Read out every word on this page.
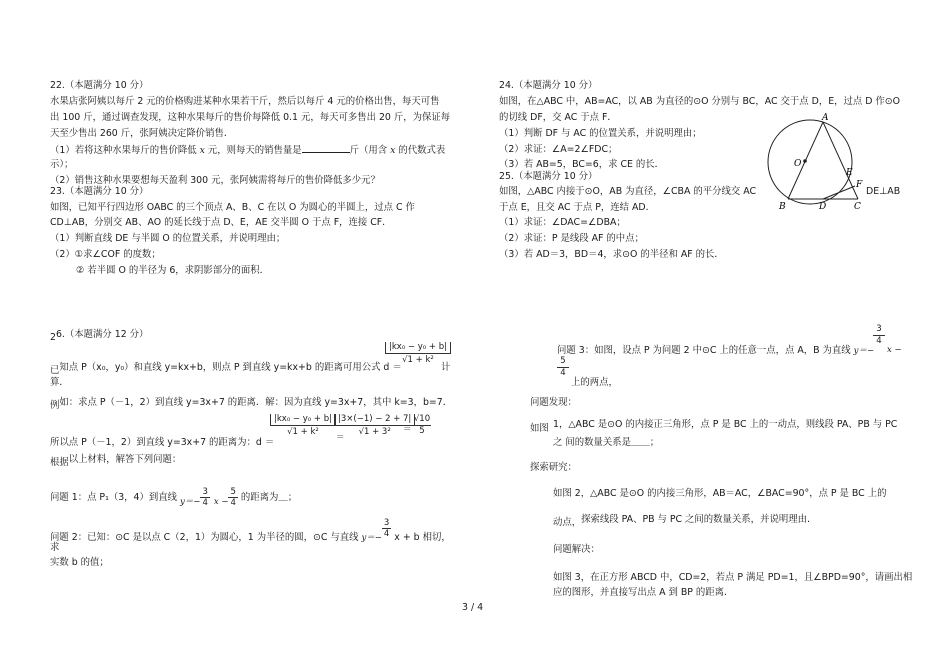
22.（本题满分 10 分）
水果店张阿姨以每斤 2 元的价格购进某种水果若干斤，然后以每斤 4 元的价格出售，每天可售
出 100 斤，通过调查发现，这种水果每斤的售价每降低 0.1 元，每天可多售出 20 斤，为保证每
天至少售出 260 斤，张阿姨决定降价销售．
（1）若将这种水果每斤的售价降低 x 元，则每天的销售量是	斤（用含 x 的代数式表
示）；
（2）销售这种水果要想每天盈利 300 元，张阿姨需将每斤的售价降低多少元？
23.（本题满分 10 分）
如图，已知平行四边形 OABC 的三个顶点 A、B、C 在以 O 为圆心的半圆上，过点 C 作
CD⊥AB，分别交 AB、AO 的延长线于点 D、E，AE 交半圆 O 于点 F，连接 CF．
（1）判断直线 DE 与半圆 O 的位置关系，并说明理由；
（2）①求∠COF 的度数；
② 若半圆 O 的半径为 6，求阴影部分的面积．
26.（本题满分 12 分）
$\frac{\text{|kx₀ − y₀ + b|}}{\text{√1 + k²}}$
已知点 P（x₀，y₀）和直线 y=kx+b，则点 P 到直线 y=kx+b 的距离可用公式 d ＝	计
算．
例如：求点 P（－1，2）到直线 y=3x+7 的距离．解：因为直线 y=3x+7，其中 k=3，b=7．
$\frac{\text{|kx₀ − y₀ + b|}}{\text{√1 + k²}}$ ＝
$\frac{|3\times(-1) - 2 + 7|}{\text{√1 + 3²}}$
＝ $\frac{√10}{5}$
所以点 P（－1，2）到直线 y=3x+7 的距离为：d ＝
根据以上材料，解答下列问题：
问题 1：点 P₁（3，4）到直线 $y=- \frac{3}{4}$ $x - \frac{5}{4}$ 的距离为＿；
问题 2：已知：⊙C 是以点 C（2，1）为圆心，1 为半径的圆，⊙C 与直线 $y=- \frac{3}{4}$ x + b 相切，
求
实数 b 的值；
24.（本题满分 10 分）
如图，在△ABC 中，AB=AC，以 AB 为直径的⊙O 分别与 BC，AC 交于点 D，E，过点 D 作⊙O
的切线 DF，交 AC 于点 F．
（1）判断 DF 与 AC 的位置关系，并说明理由；
（2）求证：∠A=2∠FDC；
（3）若 AB=5，BC=6，求 CE 的长．
25.（本题满分 10 分）
如图，△ABC 内接于⊙O，AB 为直径，∠CBA 的平分线交 AC	DE⊥AB
于点 E，且交 AC 于点 P，连结 AD．
（1）求证：∠DAC=∠DBA；
（2）求证：P 是线段 AF 的中点；
（3）若 AD＝3，BD＝4，求⊙O 的半径和 AF 的长．
A
O
E
F
B	D	C
问题 3：如图，设点 P 为问题 2 中⊙C 上的任意一点，点 A，B 为直线 y＝−
$\frac{3}{4}$
x −
$\frac{5}{4}$
上的两点，
问题发现：
如图 1，△ABC 是⊙O 的内接正三角形，点 P 是 BC 上的一动点，则线段 PA、PB 与 PC
之 间的数量关系是＿＿；
探索研究：
如图 2，△ABC 是⊙O 的内接三角形，AB＝AC，∠BAC=90°，点 P 是 BC 上的
动点，探索线段 PA、PB 与 PC 之间的数量关系，并说明理由.
问题解决：
如图 3，在正方形 ABCD 中，CD=2，若点 P 满足 PD=1，且∠BPD=90°，请画出相
应的图形，并直接写出点 A 到 BP 的距离．
3 / 4
